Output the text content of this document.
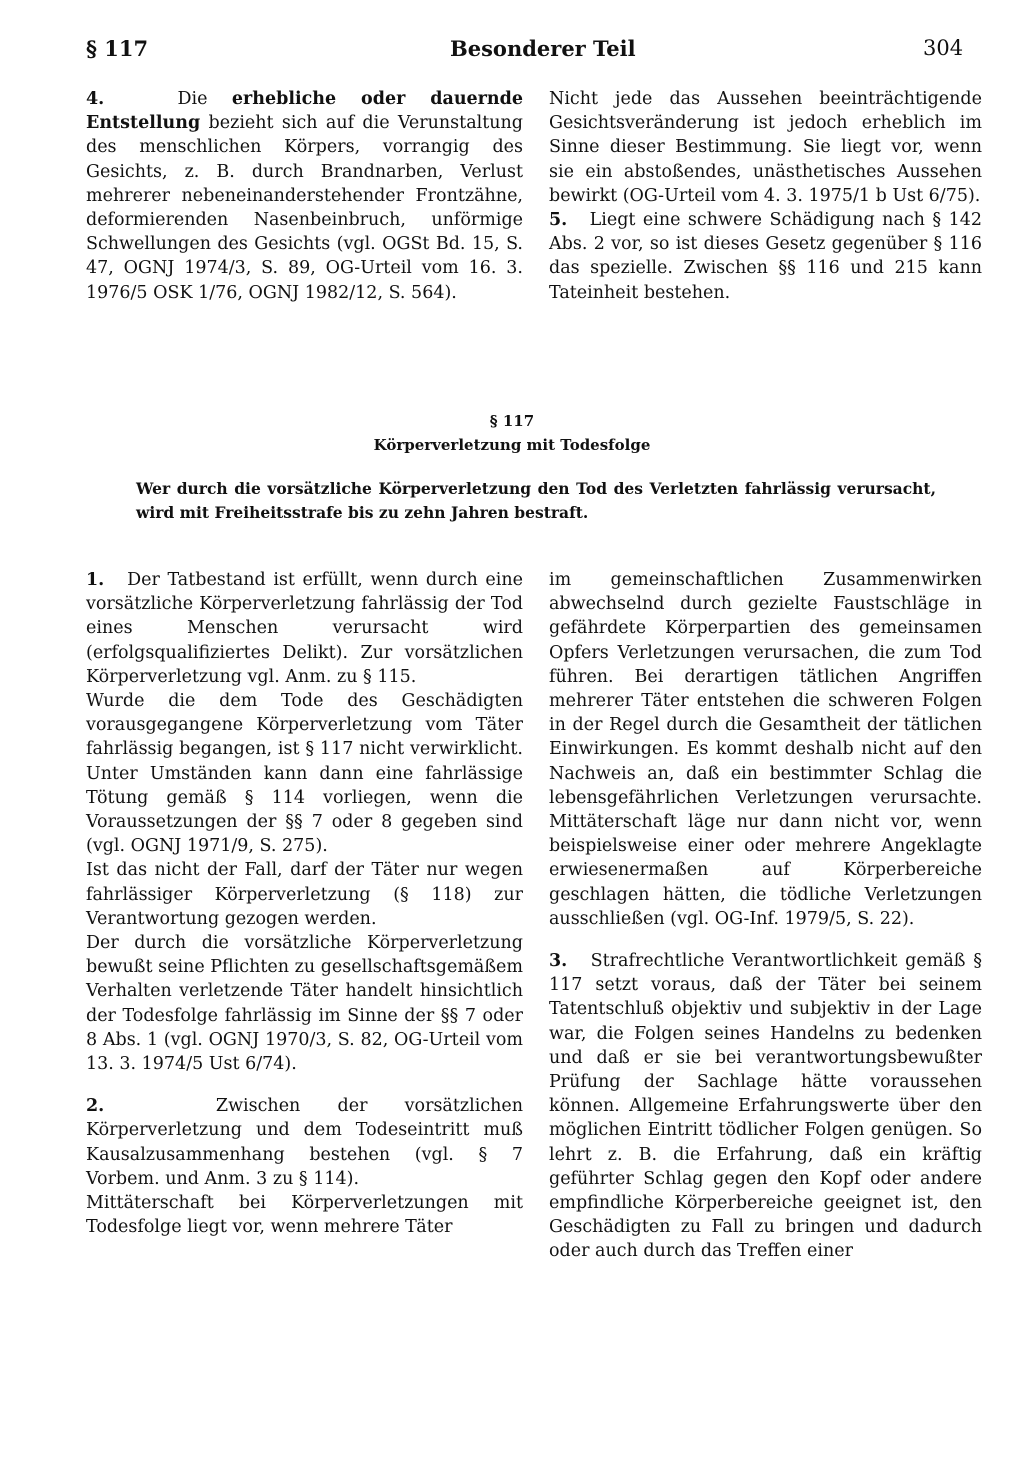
§ 117	Besonderer Teil	304

4.	Die erhebliche oder dauernde Entstellung bezieht sich auf die Verunstaltung des menschlichen Körpers, vorrangig des Gesichts, z. B. durch Brandnarben, Verlust mehrerer nebeneinanderstehender Frontzähne, deformierenden Nasenbeinbruch, unförmige Schwellungen des Gesichts (vgl. OGSt Bd. 15, S. 47, OGNJ 1974/3, S. 89, OG-Urteil vom 16. 3. 1976/5 OSK 1/76, OGNJ 1982/12, S. 564).

Nicht jede das Aussehen beeinträchtigende Gesichtsveränderung ist jedoch erheblich im Sinne dieser Bestimmung. Sie liegt vor, wenn sie ein abstoßendes, unästhetisches Aussehen bewirkt (OG-Urteil vom 4. 3. 1975/1 b Ust 6/75).

5. Liegt eine schwere Schädigung nach § 142 Abs. 2 vor, so ist dieses Gesetz gegenüber § 116 das spezielle. Zwischen §§ 116 und 215 kann Tateinheit bestehen.

§ 117
Körperverletzung mit Todesfolge
Wer durch die vorsätzliche Körperverletzung den Tod des Verletzten fahrlässig verursacht, wird mit Freiheitsstrafe bis zu zehn Jahren bestraft.

1. Der Tatbestand ist erfüllt, wenn durch eine vorsätzliche Körperverletzung fahrlässig der Tod eines Menschen verursacht wird (erfolgsqualifiziertes Delikt). Zur vorsätzlichen Körperverletzung vgl. Anm. zu § 115.

Wurde die dem Tode des Geschädigten vorausgegangene Körperverletzung vom Täter fahrlässig begangen, ist § 117 nicht verwirklicht. Unter Umständen kann dann eine fahrlässige Tötung gemäß § 114 vorliegen, wenn die Voraussetzungen der §§ 7 oder 8 gegeben sind (vgl. OGNJ 1971/9, S. 275).

Ist das nicht der Fall, darf der Täter nur wegen fahrlässiger Körperverletzung (§ 118) zur Verantwortung gezogen werden.

Der durch die vorsätzliche Körperverletzung bewußt seine Pflichten zu gesellschaftsgemäßem Verhalten verletzende Täter handelt hinsichtlich der Todesfolge fahrlässig im Sinne der §§ 7 oder 8 Abs. 1 (vgl. OGNJ 1970/3, S. 82, OG-Urteil vom 13. 3. 1974/5 Ust 6/74).

2.	Zwischen der vorsätzlichen Körperverletzung und dem Todeseintritt muß Kausalzusammenhang bestehen (vgl. § 7 Vorbem. und Anm. 3 zu § 114).

Mittäterschaft bei Körperverletzungen mit Todesfolge liegt vor, wenn mehrere Täter

im gemeinschaftlichen Zusammenwirken abwechselnd durch gezielte Faustschläge in gefährdete Körperpartien des gemeinsamen Opfers Verletzungen verursachen, die zum Tod führen. Bei derartigen tätlichen Angriffen mehrerer Täter entstehen die schweren Folgen in der Regel durch die Gesamtheit der tätlichen Einwirkungen. Es kommt deshalb nicht auf den Nachweis an, daß ein bestimmter Schlag die lebensgefährlichen Verletzungen verursachte. Mittäterschaft läge nur dann nicht vor, wenn beispielsweise einer oder mehrere Angeklagte erwiesenermaßen auf Körperbereiche geschlagen hätten, die tödliche Verletzungen ausschließen (vgl. OG-Inf. 1979/5, S. 22).

3. Strafrechtliche Verantwortlichkeit gemäß § 117 setzt voraus, daß der Täter bei seinem Tatentschluß objektiv und subjektiv in der Lage war, die Folgen seines Handelns zu bedenken und daß er sie bei verantwortungsbewußter Prüfung der Sachlage hätte voraussehen können. Allgemeine Erfahrungswerte über den möglichen Eintritt tödlicher Folgen genügen. So lehrt z. B. die Erfahrung, daß ein kräftig geführter Schlag gegen den Kopf oder andere empfindliche Körperbereiche geeignet ist, den Geschädigten zu Fall zu bringen und dadurch oder auch durch das Treffen einer
